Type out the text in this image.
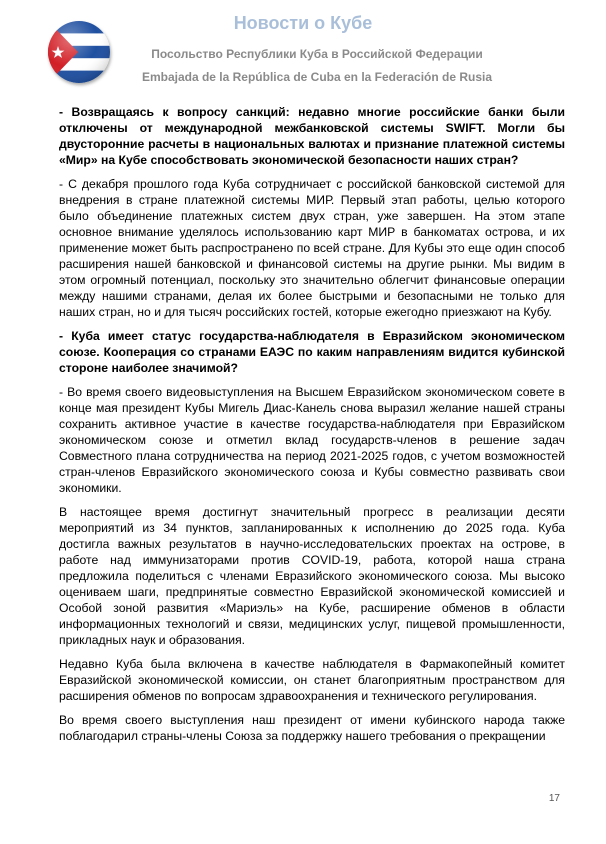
Новости о Кубе
Посольство Республики Куба в Российской Федерации
Embajada de la República de Cuba en la Federación de Rusia

- Возвращаясь к вопросу санкций: недавно многие российские банки были отключены от международной межбанковской системы SWIFT. Могли бы двусторонние расчеты в национальных валютах и признание платежной системы «Мир» на Кубе способствовать экономической безопасности наших стран?

- С декабря прошлого года Куба сотрудничает с российской банковской системой для внедрения в стране платежной системы МИР. Первый этап работы, целью которого было объединение платежных систем двух стран, уже завершен. На этом этапе основное внимание уделялось использованию карт МИР в банкоматах острова, и их применение может быть распространено по всей стране. Для Кубы это еще один способ расширения нашей банковской и финансовой системы на другие рынки. Мы видим в этом огромный потенциал, поскольку это значительно облегчит финансовые операции между нашими странами, делая их более быстрыми и безопасными не только для наших стран, но и для тысяч российских гостей, которые ежегодно приезжают на Кубу.

- Куба имеет статус государства-наблюдателя в Евразийском экономическом союзе. Кооперация со странами ЕАЭС по каким направлениям видится кубинской стороне наиболее значимой?

- Во время своего видеовыступления на Высшем Евразийском экономическом совете в конце мая президент Кубы Мигель Диас-Канель снова выразил желание нашей страны сохранить активное участие в качестве государства-наблюдателя при Евразийском экономическом союзе и отметил вклад государств-членов в решение задач Совместного плана сотрудничества на период 2021-2025 годов, с учетом возможностей стран-членов Евразийского экономического союза и Кубы совместно развивать свои экономики.

В настоящее время достигнут значительный прогресс в реализации десяти мероприятий из 34 пунктов, запланированных к исполнению до 2025 года. Куба достигла важных результатов в научно-исследовательских проектах на острове, в работе над иммунизаторами против COVID-19, работа, которой наша страна предложила поделиться с членами Евразийского экономического союза. Мы высоко оцениваем шаги, предпринятые совместно Евразийской экономической комиссией и Особой зоной развития «Мариэль» на Кубе, расширение обменов в области информационных технологий и связи, медицинских услуг, пищевой промышленности, прикладных наук и образования.

Недавно Куба была включена в качестве наблюдателя в Фармакопейный комитет Евразийской экономической комиссии, он станет благоприятным пространством для расширения обменов по вопросам здравоохранения и технического регулирования.

Во время своего выступления наш президент от имени кубинского народа также поблагодарил страны-члены Союза за поддержку нашего требования о прекращении

17
